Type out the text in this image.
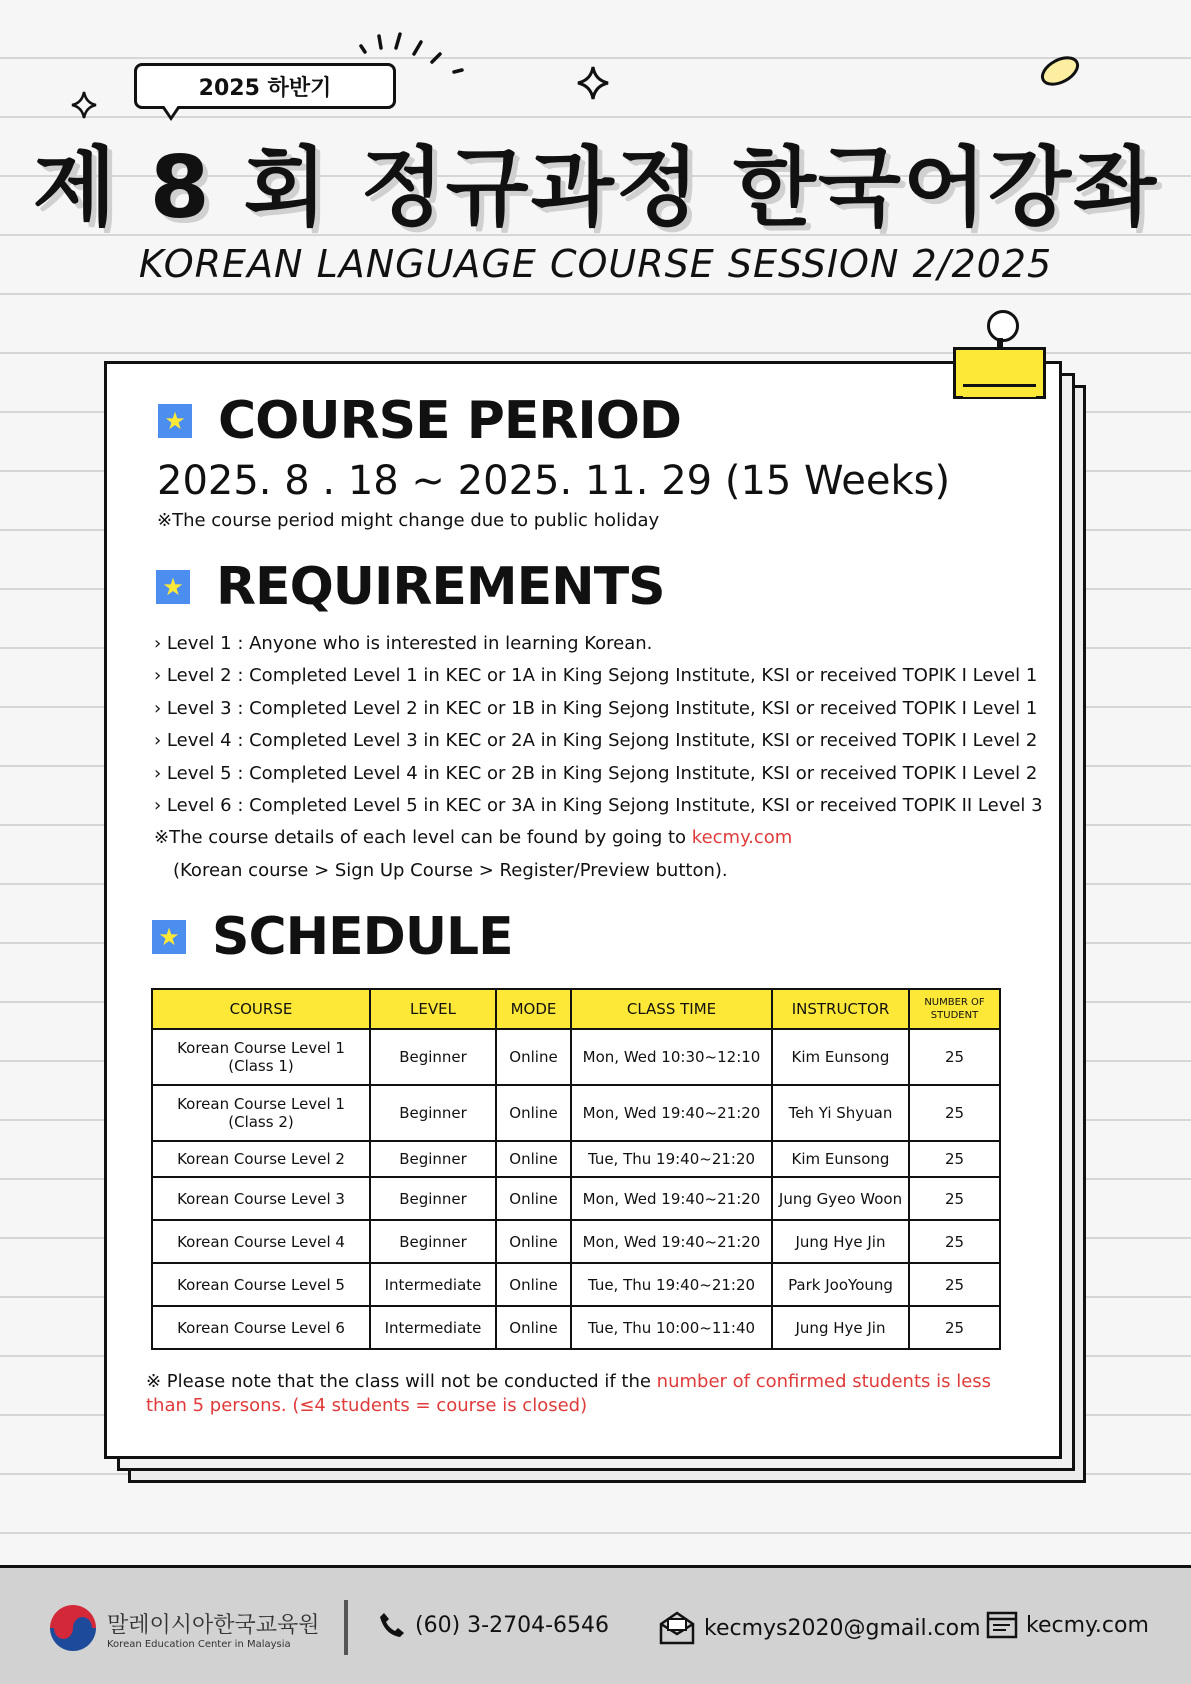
2025 하반기
제 8 회 정규과정 한국어강좌
KOREAN LANGUAGE COURSE SESSION 2/2025
★ COURSE PERIOD
2025. 8 . 18 ~ 2025. 11. 29 (15 Weeks)
※The course period might change due to public holiday
★ REQUIREMENTS
› Level 1 : Anyone who is interested in learning Korean.
› Level 2 : Completed Level 1 in KEC or 1A in King Sejong Institute, KSI or received TOPIK I Level 1
› Level 3 : Completed Level 2 in KEC or 1B in King Sejong Institute, KSI or received TOPIK I Level 1
› Level 4 : Completed Level 3 in KEC or 2A in King Sejong Institute, KSI or received TOPIK I Level 2
› Level 5 : Completed Level 4 in KEC or 2B in King Sejong Institute, KSI or received TOPIK I Level 2
› Level 6 : Completed Level 5 in KEC or 3A in King Sejong Institute, KSI or received TOPIK II Level 3
※The course details of each level can be found by going to kecmy.com
(Korean course > Sign Up Course > Register/Preview button).
★ SCHEDULE
COURSE	LEVEL	MODE	CLASS TIME	INSTRUCTOR	NUMBER OF STUDENT
Korean Course Level 1 (Class 1)	Beginner	Online	Mon, Wed 10:30~12:10	Kim Eunsong	25
Korean Course Level 1 (Class 2)	Beginner	Online	Mon, Wed 19:40~21:20	Teh Yi Shyuan	25
Korean Course Level 2	Beginner	Online	Tue, Thu 19:40~21:20	Kim Eunsong	25
Korean Course Level 3	Beginner	Online	Mon, Wed 19:40~21:20	Jung Gyeo Woon	25
Korean Course Level 4	Beginner	Online	Mon, Wed 19:40~21:20	Jung Hye Jin	25
Korean Course Level 5	Intermediate	Online	Tue, Thu 19:40~21:20	Park JooYoung	25
Korean Course Level 6	Intermediate	Online	Tue, Thu 10:00~11:40	Jung Hye Jin	25
※ Please note that the class will not be conducted if the number of confirmed students is less than 5 persons. (≤4 students = course is closed)
말레이시아한국교육원
Korean Education Center in Malaysia
(60) 3-2704-6546	kecmys2020@gmail.com kecmy.com
